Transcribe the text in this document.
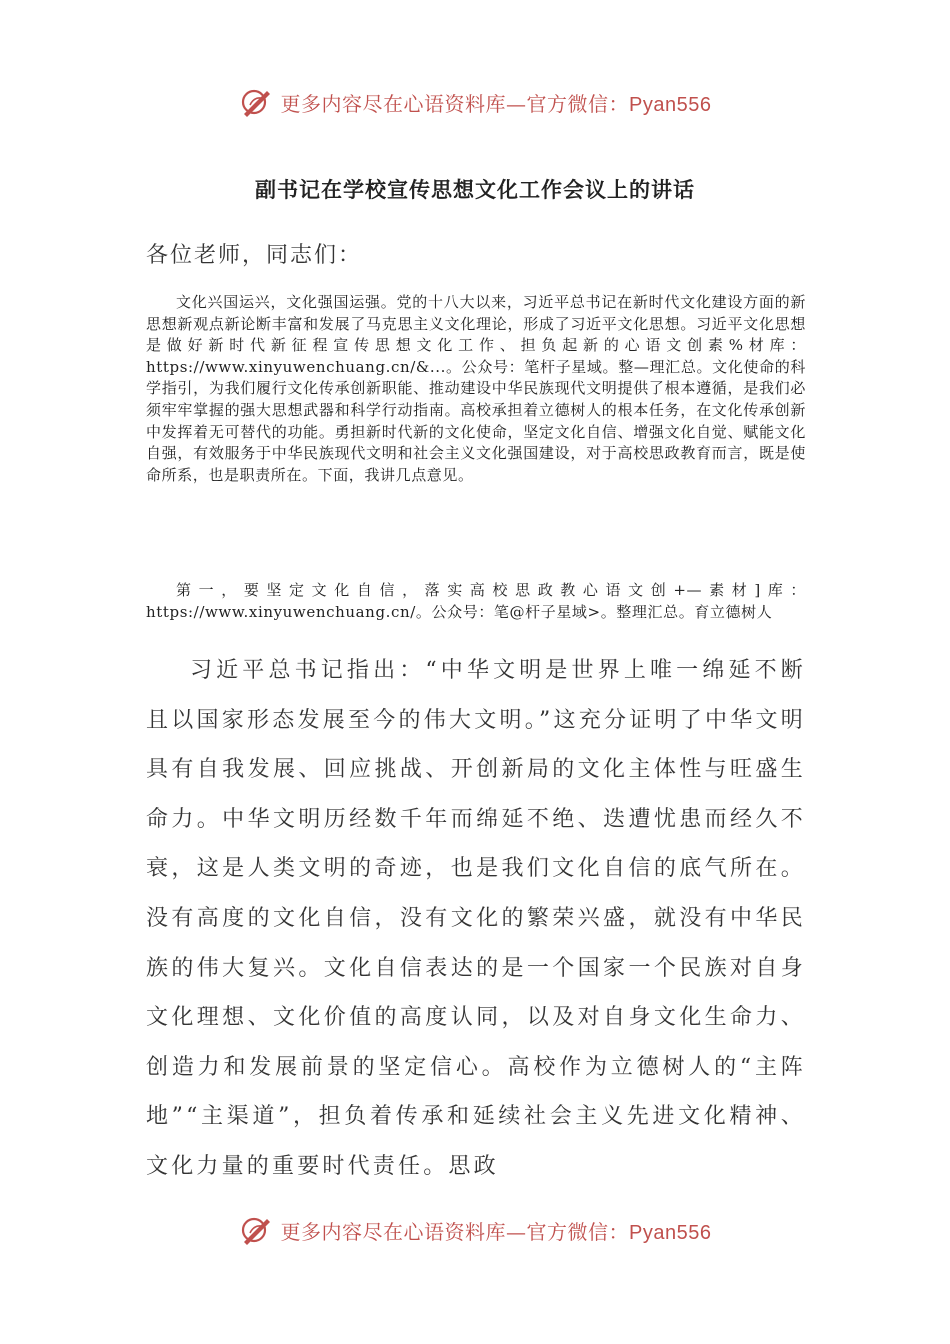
更多内容尽在心语资料库—官方微信：Pyan556
副书记在学校宣传思想文化工作会议上的讲话
各位老师，同志们：

文化兴国运兴，文化强国运强。党的十八大以来，习近平总书记在新时代文化建设方面的新思想新观点新论断丰富和发展了马克思主义文化理论，形成了习近平文化思想。习近平文化思想是做好新时代新征程宣传思想文化工作、担负起新的心语文创素%材库：https://www.xinyuwenchuang.cn/&...。公众号：笔杆子星域。整—理汇总。文化使命的科学指引，为我们履行文化传承创新职能、推动建设中华民族现代文明提供了根本遵循，是我们必须牢牢掌握的强大思想武器和科学行动指南。高校承担着立德树人的根本任务，在文化传承创新中发挥着无可替代的功能。勇担新时代新的文化使命，坚定文化自信、增强文化自觉、赋能文化自强，有效服务于中华民族现代文明和社会主义文化强国建设，对于高校思政教育而言，既是使命所系，也是职责所在。下面，我讲几点意见。

第一，要坚定文化自信，落实高校思政教心语文创+—素材]库：https://www.xinyuwenchuang.cn/。公众号：笔@杆子星域>。整理汇总。育立德树人

习近平总书记指出：“中华文明是世界上唯一绵延不断且以国家形态发展至今的伟大文明。”这充分证明了中华文明具有自我发展、回应挑战、开创新局的文化主体性与旺盛生命力。中华文明历经数千年而绵延不绝、迭遭忧患而经久不衰，这是人类文明的奇迹，也是我们文化自信的底气所在。没有高度的文化自信，没有文化的繁荣兴盛，就没有中华民族的伟大复兴。文化自信表达的是一个国家一个民族对自身文化理想、文化价值的高度认同，以及对自身文化生命力、创造力和发展前景的坚定信心。高校作为立德树人的“主阵地”“主渠道”，担负着传承和延续社会主义先进文化精神、文化力量的重要时代责任。思政

更多内容尽在心语资料库—官方微信：Pyan556
